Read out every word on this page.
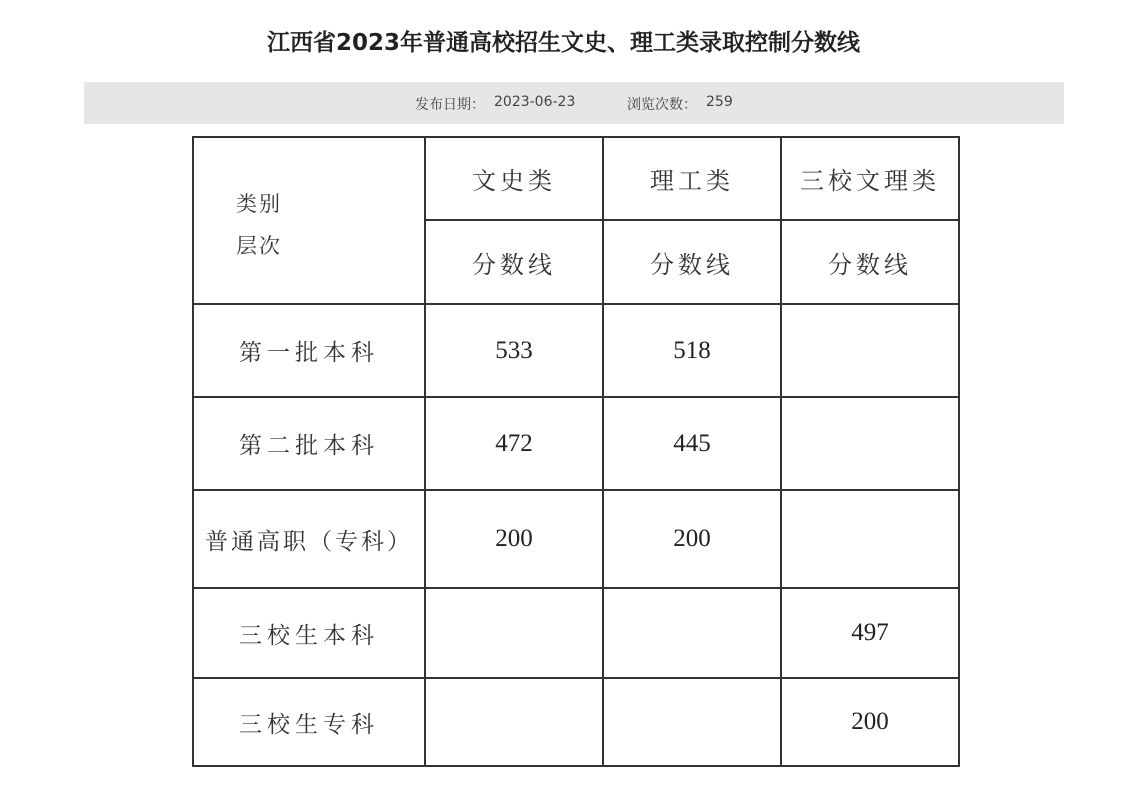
江西省2023年普通高校招生文史、理工类录取控制分数线
发布日期： 2023-06-23	浏览次数： 259
类别
层次	文史类	理工类	三校文理类
	分数线	分数线	分数线
第一批本科	533	518	
第二批本科	472	445	
普通高职（专科）	200	200	
三校生本科			497
三校生专科			200
